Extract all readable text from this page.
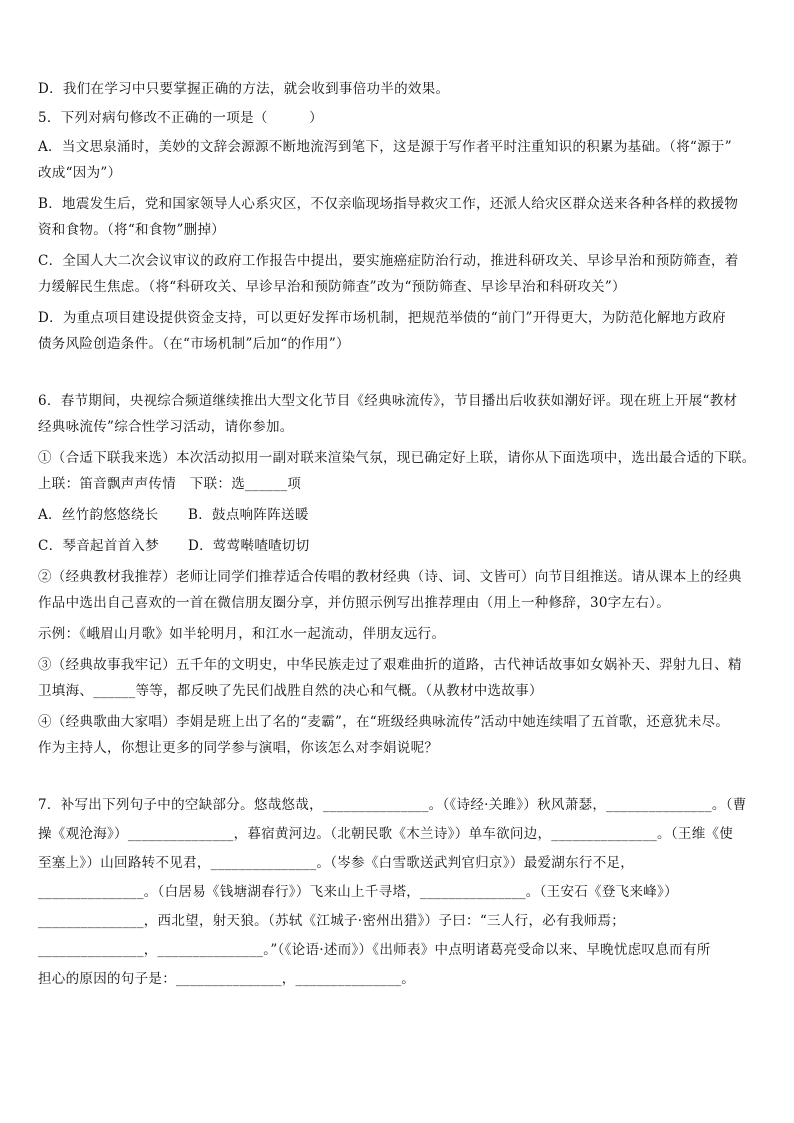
D．我们在学习中只要掌握正确的方法，就会收到事倍功半的效果。

5．下列对病句修改不正确的一项是（　　　）

A．当文思泉涌时，美妙的文辞会源源不断地流泻到笔下，这是源于写作者平时注重知识的积累为基础。（将“源于”

改成“因为”）

B．地震发生后，党和国家领导人心系灾区，不仅亲临现场指导救灾工作，还派人给灾区群众送来各种各样的救援物

资和食物。（将“和食物”删掉）

C．全国人大二次会议审议的政府工作报告中提出，要实施癌症防治行动，推进科研攻关、早诊早治和预防筛查，着

力缓解民生焦虑。（将“科研攻关、早诊早治和预防筛查”改为“预防筛查、早诊早治和科研攻关”）

D．为重点项目建设提供资金支持，可以更好发挥市场机制，把规范举债的“前门”开得更大，为防范化解地方政府

债务风险创造条件。（在“市场机制”后加“的作用”）

6．春节期间，央视综合频道继续推出大型文化节目《经典咏流传》，节目播出后收获如潮好评。现在班上开展“教材

经典咏流传”综合性学习活动，请你参加。

①（合适下联我来选）本次活动拟用一副对联来渲染气氛，现已确定好上联，请你从下面选项中，选出最合适的下联。

上联：笛音飘声声传情　下联：选______项

A．丝竹韵悠悠绕长	B．鼓点响阵阵送暖
C．琴音起首首入梦	D．莺莺啭喳喳切切

②（经典教材我推荐）老师让同学们推荐适合传唱的教材经典（诗、词、文皆可）向节目组推送。请从课本上的经典

作品中选出自己喜欢的一首在微信朋友圈分享，并仿照示例写出推荐理由（用上一种修辞，30字左右）。

示例：《峨眉山月歌》如半轮明月，和江水一起流动，伴朋友远行。

③（经典故事我牢记）五千年的文明史，中华民族走过了艰难曲折的道路，古代神话故事如女娲补天、羿射九日、精

卫填海、______等等，都反映了先民们战胜自然的决心和气概。（从教材中选故事）

④（经典歌曲大家唱）李娟是班上出了名的“麦霸”，在“班级经典咏流传”活动中她连续唱了五首歌，还意犹未尽。

作为主持人，你想让更多的同学参与演唱，你该怎么对李娟说呢？

7．补写出下列句子中的空缺部分。悠哉悠哉，_______________。（《诗经·关雎》）秋风萧瑟，_______________。（曹

操《观沧海》）_______________，暮宿黄河边。（北朝民歌《木兰诗》）单车欲问边，_______________。（王维《使

至塞上》）山回路转不见君，_______________。（岑参《白雪歌送武判官归京》）最爱湖东行不足，

_______________。（白居易《钱塘湖春行》）飞来山上千寻塔，_______________。（王安石《登飞来峰》）

_______________，西北望，射天狼。（苏轼《江城子·密州出猎》）子曰：“三人行，必有我师焉；

_______________，_______________。”（《论语·述而》）《出师表》中点明诸葛亮受命以来、早晚忧虑叹息而有所

担心的原因的句子是：_______________，_______________。
